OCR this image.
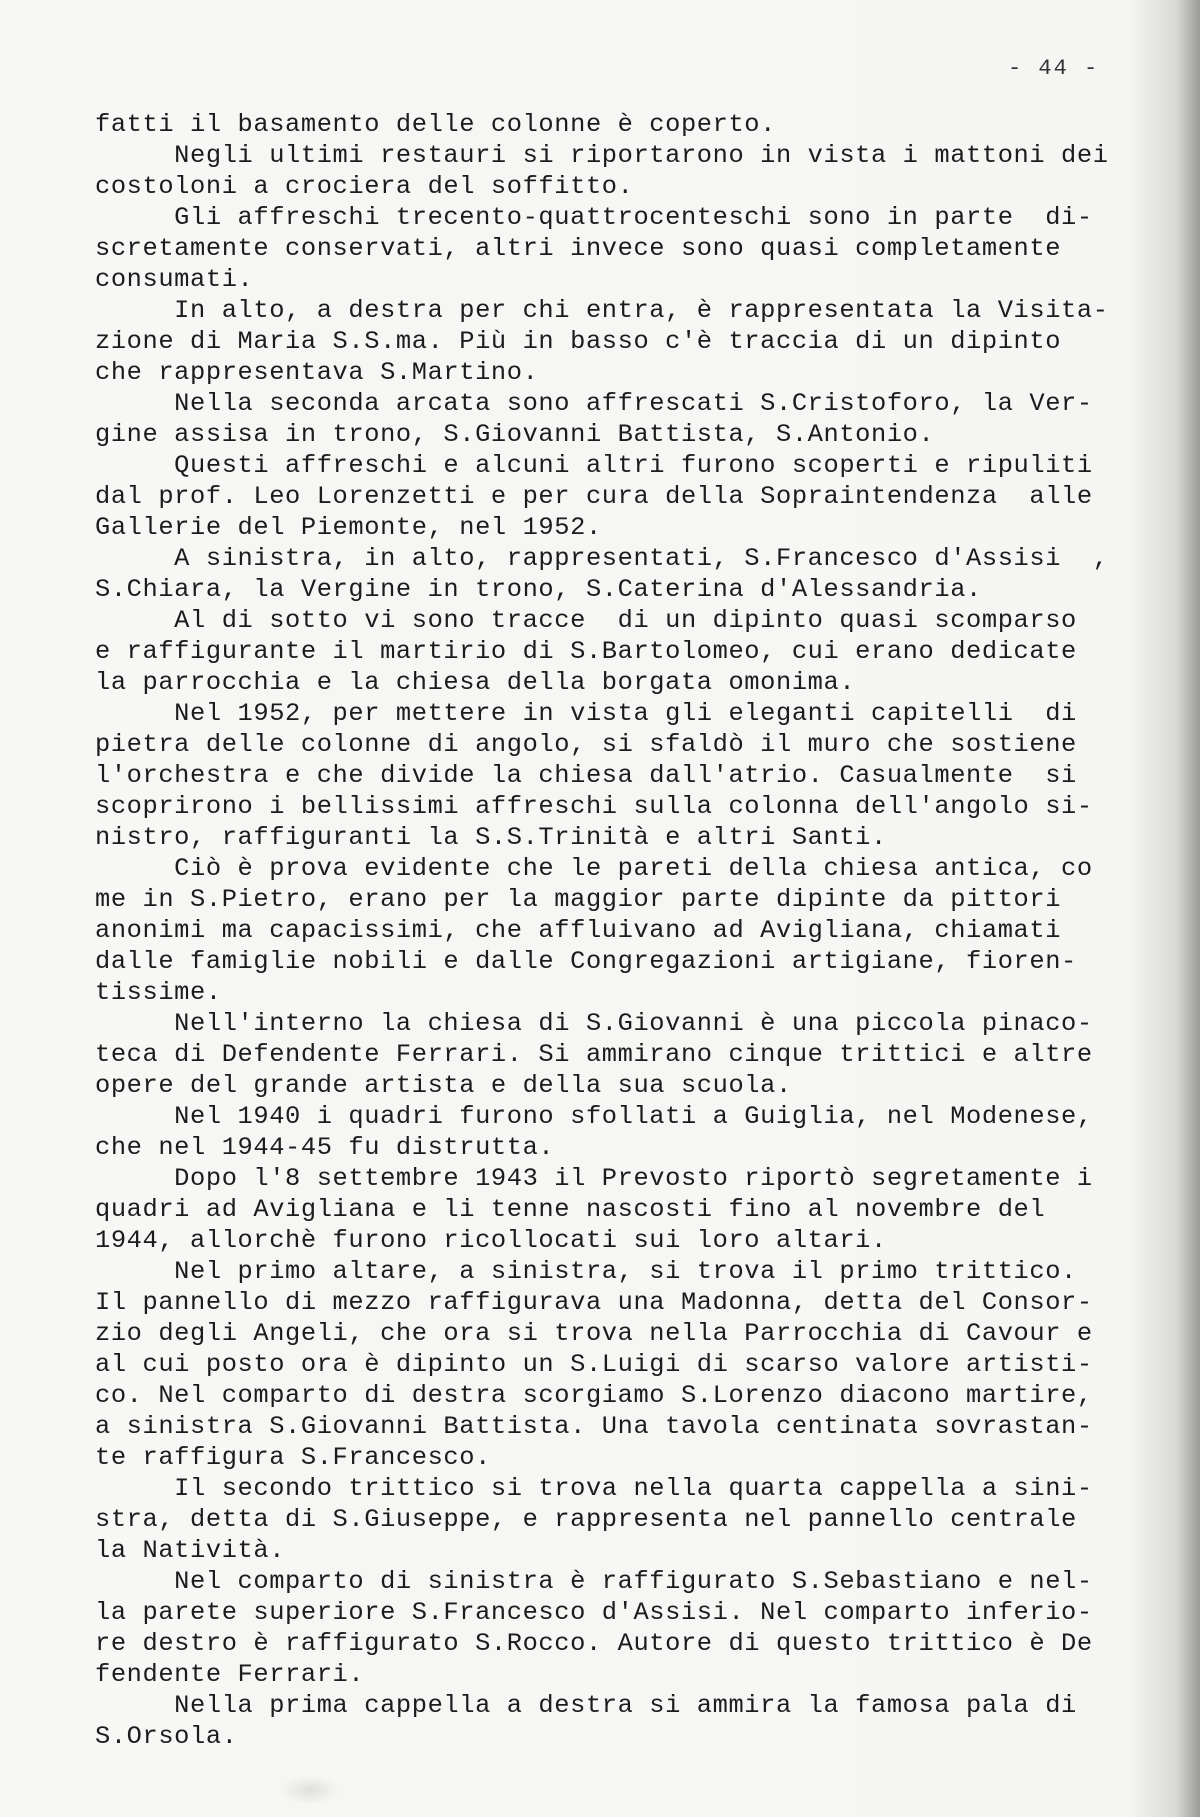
- 44 -
fatti il basamento delle colonne è coperto.
Negli ultimi restauri si riportarono in vista i mattoni dei
costoloni a crociera del soffitto.
Gli affreschi trecento-quattrocenteschi sono in parte  di-
scretamente conservati, altri invece sono quasi completamente
consumati.
In alto, a destra per chi entra, è rappresentata la Visita-
zione di Maria S.S.ma. Più in basso c'è traccia di un dipinto
che rappresentava S.Martino.
Nella seconda arcata sono affrescati S.Cristoforo, la Ver-
gine assisa in trono, S.Giovanni Battista, S.Antonio.
Questi affreschi e alcuni altri furono scoperti e ripuliti
dal prof. Leo Lorenzetti e per cura della Sopraintendenza  alle
Gallerie del Piemonte, nel 1952.
A sinistra, in alto, rappresentati, S.Francesco d'Assisi  ,
S.Chiara, la Vergine in trono, S.Caterina d'Alessandria.
Al di sotto vi sono tracce  di un dipinto quasi scomparso
e raffigurante il martirio di S.Bartolomeo, cui erano dedicate
la parrocchia e la chiesa della borgata omonima.
Nel 1952, per mettere in vista gli eleganti capitelli  di
pietra delle colonne di angolo, si sfaldò il muro che sostiene
l'orchestra e che divide la chiesa dall'atrio. Casualmente  si
scoprirono i bellissimi affreschi sulla colonna dell'angolo si-
nistro, raffiguranti la S.S.Trinità e altri Santi.
Ciò è prova evidente che le pareti della chiesa antica, co
me in S.Pietro, erano per la maggior parte dipinte da pittori
anonimi ma capacissimi, che affluivano ad Avigliana, chiamati
dalle famiglie nobili e dalle Congregazioni artigiane, fioren-
tissime.
Nell'interno la chiesa di S.Giovanni è una piccola pinaco-
teca di Defendente Ferrari. Si ammirano cinque trittici e altre
opere del grande artista e della sua scuola.
Nel 1940 i quadri furono sfollati a Guiglia, nel Modenese,
che nel 1944-45 fu distrutta.
Dopo l'8 settembre 1943 il Prevosto riportò segretamente i
quadri ad Avigliana e li tenne nascosti fino al novembre del
1944, allorchè furono ricollocati sui loro altari.
Nel primo altare, a sinistra, si trova il primo trittico.
Il pannello di mezzo raffigurava una Madonna, detta del Consor-
zio degli Angeli, che ora si trova nella Parrocchia di Cavour e
al cui posto ora è dipinto un S.Luigi di scarso valore artisti-
co. Nel comparto di destra scorgiamo S.Lorenzo diacono martire,
a sinistra S.Giovanni Battista. Una tavola centinata sovrastan-
te raffigura S.Francesco.
Il secondo trittico si trova nella quarta cappella a sini-
stra, detta di S.Giuseppe, e rappresenta nel pannello centrale
la Natività.
Nel comparto di sinistra è raffigurato S.Sebastiano e nel-
la parete superiore S.Francesco d'Assisi. Nel comparto inferio-
re destro è raffigurato S.Rocco. Autore di questo trittico è De
fendente Ferrari.
Nella prima cappella a destra si ammira la famosa pala di
S.Orsola.
